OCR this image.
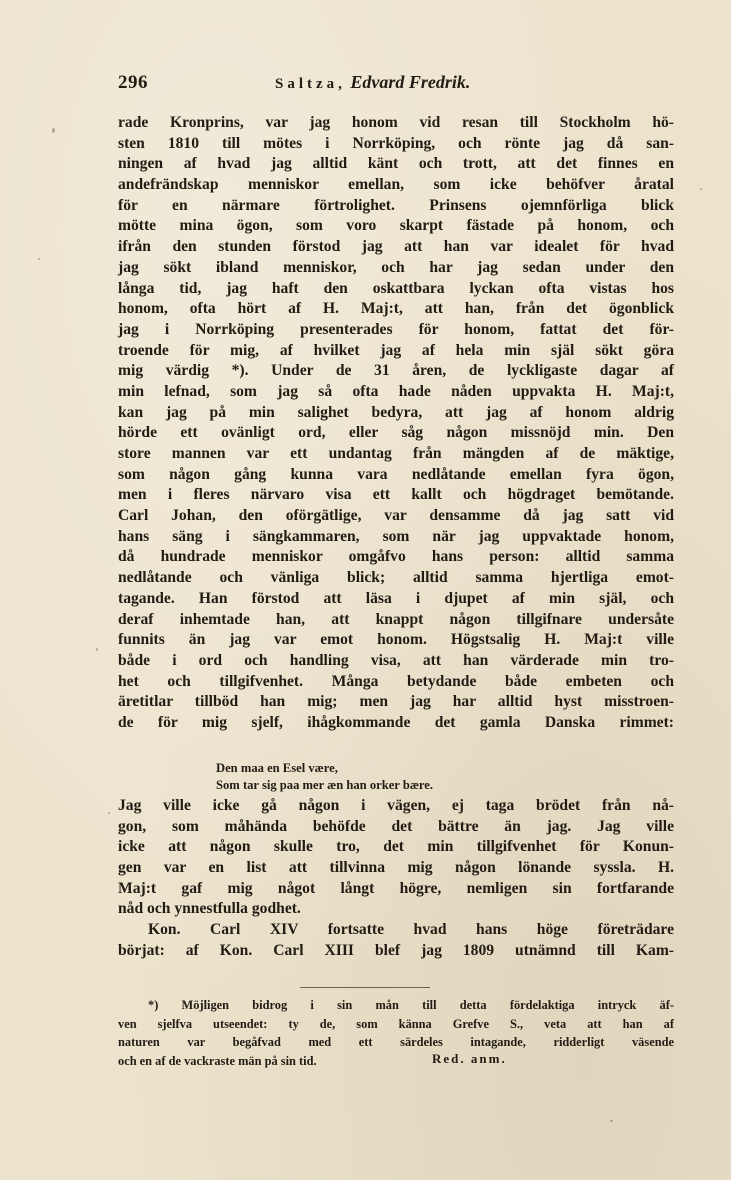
296	Saltza, Edvard Fredrik.
rade Kronprins, var jag honom vid resan till Stockholm hö-
sten 1810 till mötes i Norrköping, och rönte jag då san-
ningen af hvad jag alltid känt och trott, att det finnes en
andefrändskap menniskor emellan, som icke behöfver åratal
för en närmare förtrolighet. Prinsens ojemnförliga blick
mötte mina ögon, som voro skarpt fästade på honom, och
ifrån den stunden förstod jag att han var idealet för hvad
jag sökt ibland menniskor, och har jag sedan under den
långa tid, jag haft den oskattbara lyckan ofta vistas hos
honom, ofta hört af H. Maj:t, att han, från det ögonblick
jag i Norrköping presenterades för honom, fattat det för-
troende för mig, af hvilket jag af hela min själ sökt göra
mig värdig *). Under de 31 åren, de lyckligaste dagar af
min lefnad, som jag så ofta hade nåden uppvakta H. Maj:t,
kan jag på min salighet bedyra, att jag af honom aldrig
hörde ett ovänligt ord, eller såg någon missnöjd min. Den
store mannen var ett undantag från mängden af de mäktige,
som någon gång kunna vara nedlåtande emellan fyra ögon,
men i fleres närvaro visa ett kallt och högdraget bemötande.
Carl Johan, den oförgätlige, var densamme då jag satt vid
hans säng i sängkammaren, som när jag uppvaktade honom,
då hundrade menniskor omgåfvo hans person: alltid samma
nedlåtande och vänliga blick; alltid samma hjertliga emot-
tagande. Han förstod att läsa i djupet af min själ, och
deraf inhemtade han, att knappt någon tillgifnare undersåte
funnits än jag var emot honom. Högstsalig H. Maj:t ville
både i ord och handling visa, att han värderade min tro-
het och tillgifvenhet. Många betydande både embeten och
äretitlar tillböd han mig; men jag har alltid hyst misstroen-
de för mig sjelf, ihågkommande det gamla Danska rimmet:
Den maa en Esel være,
Som tar sig paa mer æn han orker bære.
Jag ville icke gå någon i vägen, ej taga brödet från nå-
gon, som måhända behöfde det bättre än jag. Jag ville
icke att någon skulle tro, det min tillgifvenhet för Konun-
gen var en list att tillvinna mig någon lönande syssla. H.
Maj:t gaf mig något långt högre, nemligen sin fortfarande
nåd och ynnestfulla godhet.
Kon. Carl XIV fortsatte hvad hans höge företrädare
börjat: af Kon. Carl XIII blef jag 1809 utnämnd till Kam-
*) Möjligen bidrog i sin mån till detta fördelaktiga intryck äf-
ven sjelfva utseendet: ty de, som känna Grefve S., veta att han af
naturen var begåfvad med ett särdeles intagande, ridderligt väsende
och en af de vackraste män på sin tid.	Red. anm.
